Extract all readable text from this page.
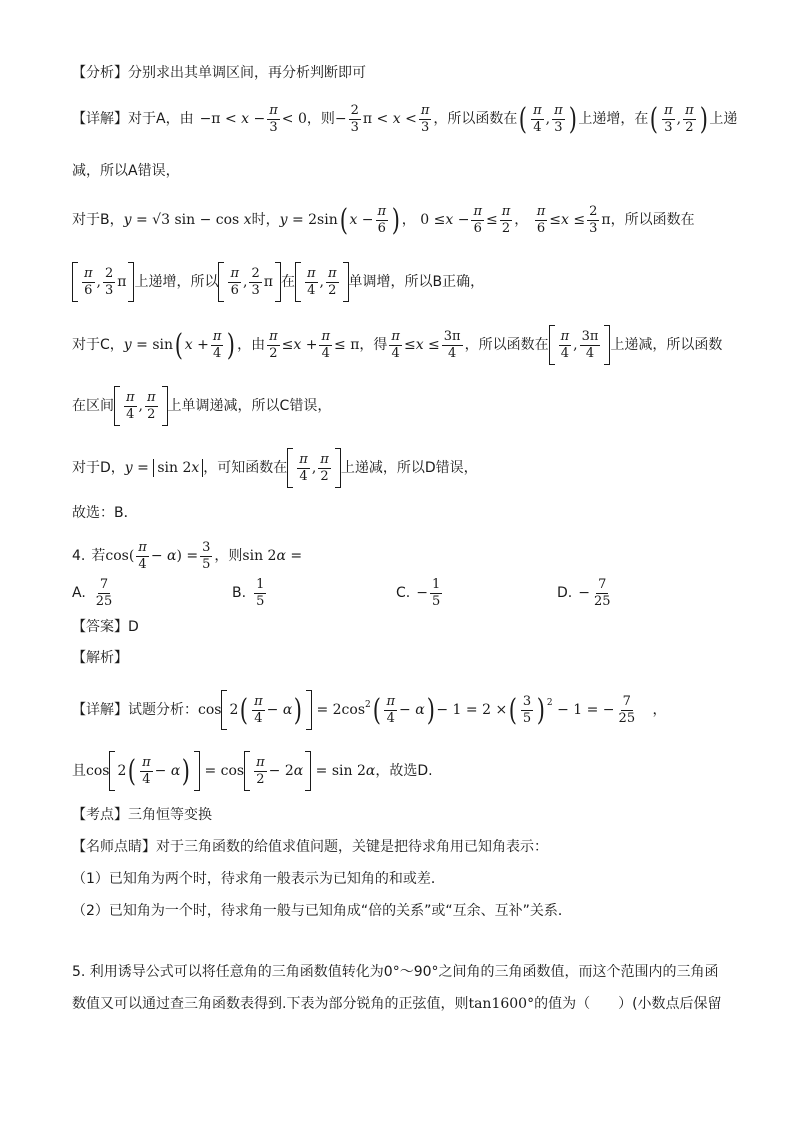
【分析】 分别求出其单调区间，再分析判断即可
【详解】 对于A，由 $-\pi < x - \frac{\pi}{3} < 0$ ，则 − $\frac{2}{3}$ $\pi < x < \frac{\pi}{3}$ ，所以函数在 ( $\frac{\pi}{4}$ , $\frac{\pi}{3}$ ) 上递增，在 ( $\frac{\pi}{3}$ , $\frac{\pi}{2}$ ) 上递
减，所以A错误，
对于B， y = √3 sin − cos x 时， y = 2sin ( $x - \frac{\pi}{6}$ ) ， $0 \le x - \frac{\pi}{6} \le \frac{\pi}{2}$ ， $\frac{\pi}{6} \le x \le \frac{2}{3}$ π ，所以函数在
$\frac{\pi}{6}$ , $\frac{2}{3}$ π 上递增，所以 $\frac{\pi}{6}$ , $\frac{2}{3}$ π 在 $\frac{\pi}{4}$ , $\frac{\pi}{2}$ 单调增，所以B正确，
对于C， y = sin ( $x + \frac{\pi}{4}$ ) ，由 $\frac{\pi}{2} \le x + \frac{\pi}{4} \le \pi$ ，得 $\frac{\pi}{4} \le x \le \frac{3\pi}{4}$ ，所以函数在 $\frac{\pi}{4}$ , $\frac{3\pi}{4}$ 上递减，所以函数
在区间 $\frac{\pi}{4}$ , $\frac{\pi}{2}$ 上单调递减，所以C错误，
对于D， y = sin 2x ，可知函数在 $\frac{\pi}{4}$ , $\frac{\pi}{2}$ 上递减，所以D错误，
故选：B．
4. 若 $\cos( \frac{\pi}{4} - \alpha$ ) = $\frac{3}{5}$ ，则 sin 2 α =
A. $\frac{7}{25}$	B. $\frac{1}{5}$	C. − $\frac{1}{5}$	D. − $\frac{7}{25}$
【答案】 D
【解析】
【详解】 试题分析： cos 2 ( $\frac{\pi}{4} - \alpha$ ) = $2\cos^2$ ( $\frac{\pi}{4} - \alpha$ ) − 1 = 2 × ( $\frac{3}{5}$ ) 2 − 1 = − $\frac{7}{25}$ ，
且 cos 2 ( $\frac{\pi}{4} - \alpha$ ) = $\cos \frac{\pi}{2} - 2$ α = sin 2 α ，故选D.
【考点】 三角恒等变换
【名师点睛】 对于三角函数的给值求值问题，关键是把待求角用已知角表示：
（1）已知角为两个时，待求角一般表示为已知角的和或差．
（2）已知角为一个时，待求角一般与已知角成“倍的关系”或“互余、互补”关系．
5. 利用诱导公式可以将任意角的三角函数值转化为0°～90°之间角的三角函数值，而这个范围内的三角函
数值又可以通过查三角函数表得到.下表为部分锐角的正弦值，则 tan1600° 的值为（　　）(小数点后保留
